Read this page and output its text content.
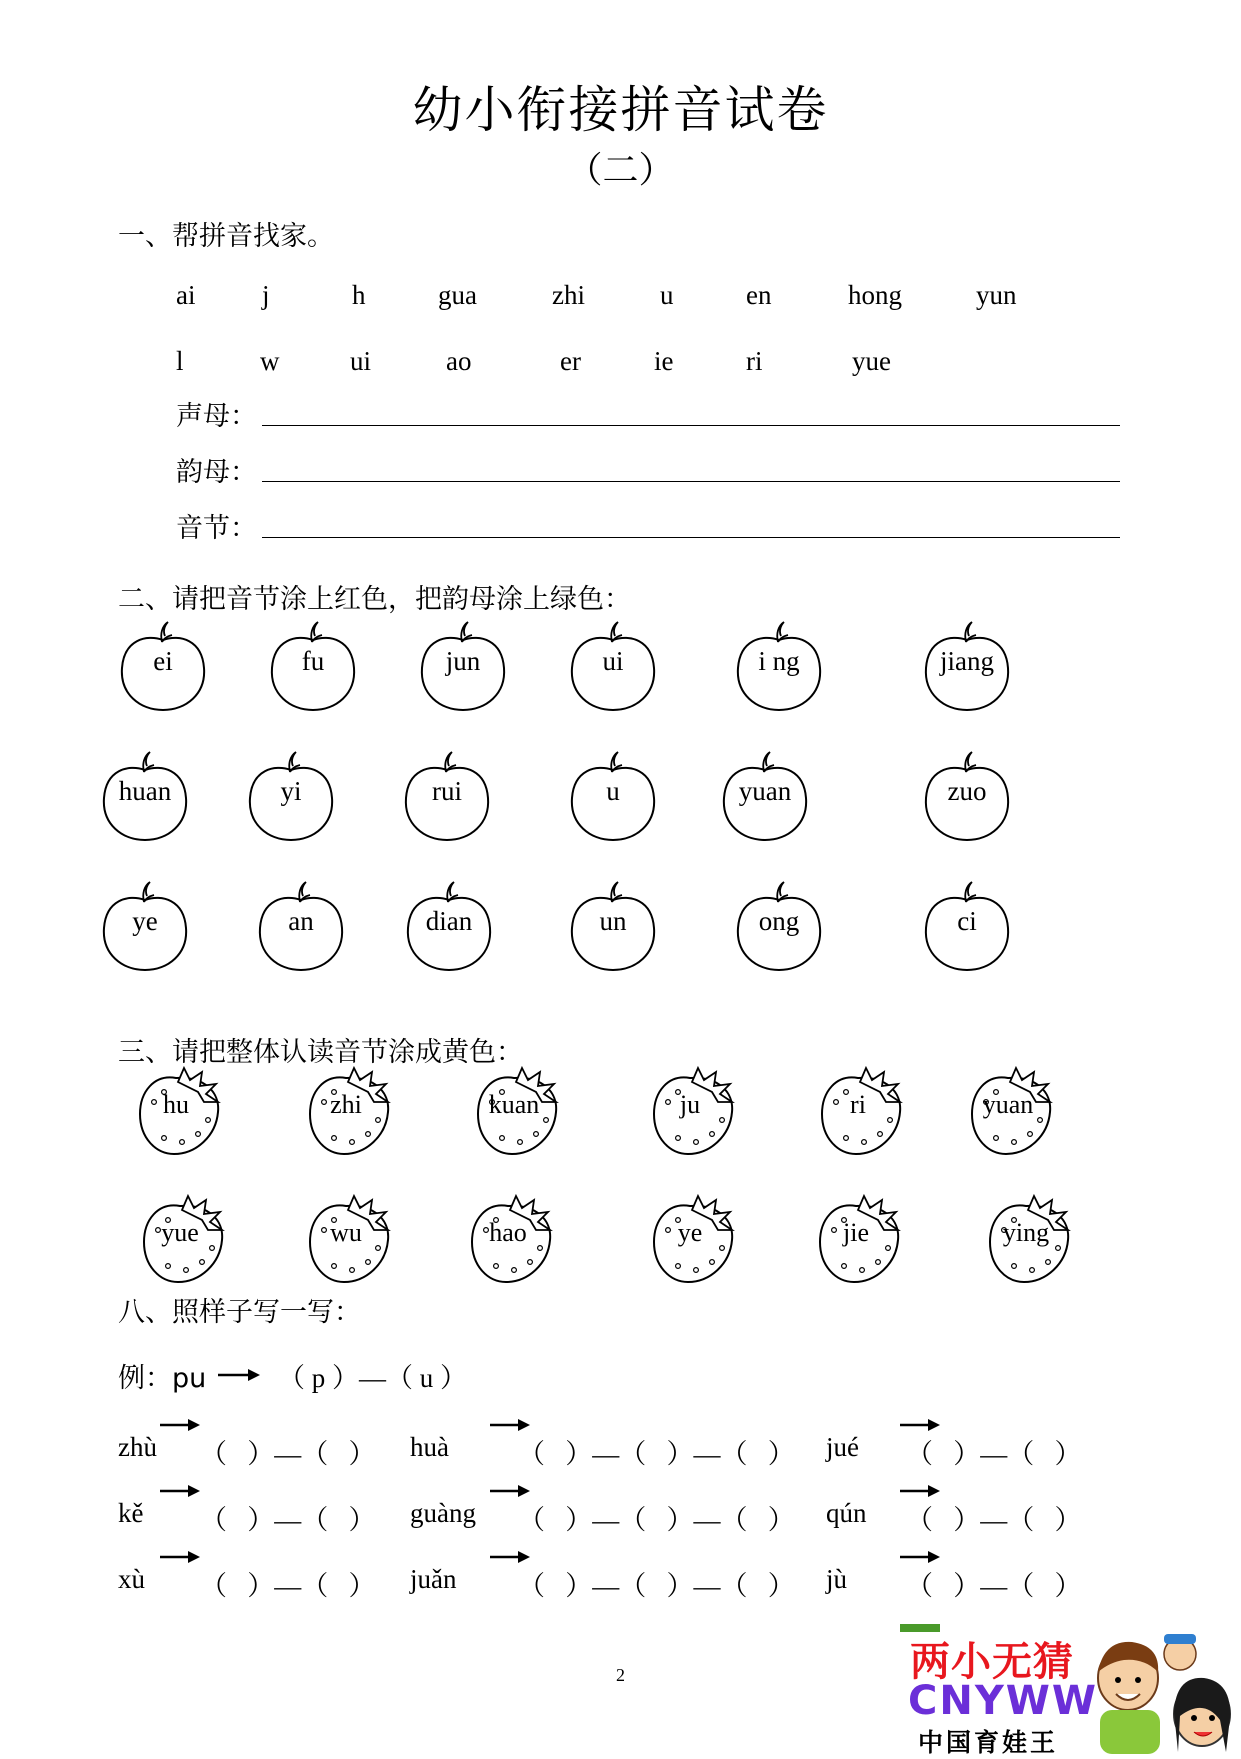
幼小衔接拼音试卷
（二）
一、帮拼音找家。
ai j	h	gua	zhi	u	en	hong	yun
l	w	ui	ao	er	ie	ri	yue
声母：
韵母：
音节：
二、请把音节涂上红色，把韵母涂上绿色：
ei	fu	jun	ui	i ng	jiang
huan	yi	rui	u	yuan	zuo
ye	an	dian	un	ong	ci
三、请把整体认读音节涂成黄色：
hu	zhi	kuan	ju	ri	yuan
yue	wu	hao	ye	jie	ying
八、照样子写一写：
例：pu	（ p ）—（ u ）
zhù （   ）—（   ） huà	（   ）—（   ）—（   ） jué （   ）—（   ）
kě （   ）—（   ） guàng （   ）—（   ）—（   ） qún （   ）—（   ）
xù （   ）—（   ） juǎn （   ）—（   ）—（   ） jù （   ）—（   ）
2	两小无猜
CNYWW
中国育娃王
